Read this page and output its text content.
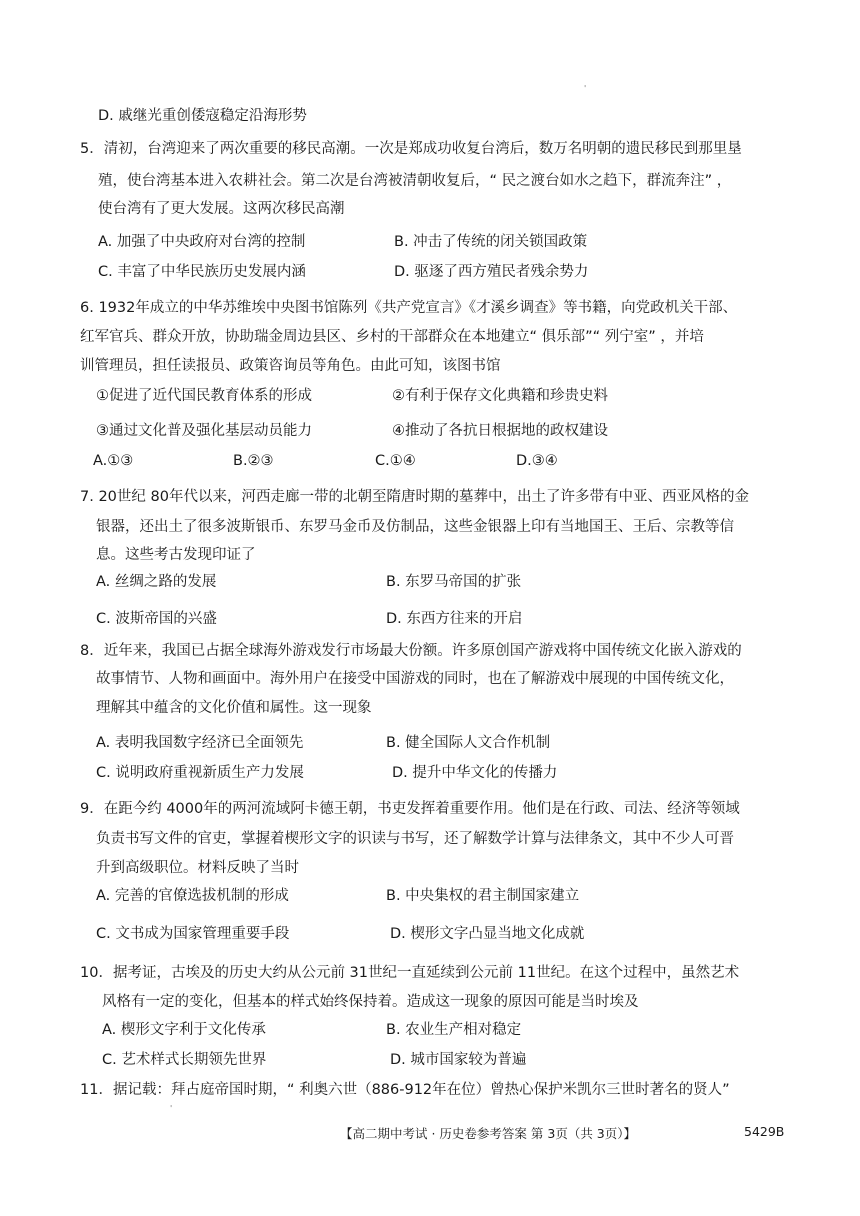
'
D. 戚继光重创倭寇稳定沿海形势
5．清初，台湾迎来了两次重要的移民高潮。一次是郑成功收复台湾后，数万名明朝的遗民移民到那里垦
殖，使台湾基本进入农耕社会。第二次是台湾被清朝收复后，“ 民之渡台如水之趋下，群流奔注” ，
使台湾有了更大发展。这两次移民高潮
A. 加强了中央政府对台湾的控制	B. 冲击了传统的闭关锁国政策
C. 丰富了中华民族历史发展内涵	D. 驱逐了西方殖民者残余势力
6. 1932年成立的中华苏维埃中央图书馆陈列《共产党宣言》《才溪乡调查》等书籍，向党政机关干部、
红军官兵、群众开放，协助瑞金周边县区、乡村的干部群众在本地建立“ 俱乐部”“ 列宁室” ，并培
训管理员，担任读报员、政策咨询员等角色。由此可知，该图书馆
①促进了近代国民教育体系的形成	②有利于保存文化典籍和珍贵史料
③通过文化普及强化基层动员能力	④推动了各抗日根据地的政权建设
A.①③	B.②③	C.①④	D.③④
7. 20世纪 80年代以来，河西走廊一带的北朝至隋唐时期的墓葬中，出土了许多带有中亚、西亚风格的金
银器，还出土了很多波斯银币、东罗马金币及仿制品，这些金银器上印有当地国王、王后、宗教等信
息。这些考古发现印证了
A. 丝绸之路的发展	B. 东罗马帝国的扩张
C. 波斯帝国的兴盛	D. 东西方往来的开启
8．近年来，我国已占据全球海外游戏发行市场最大份额。许多原创国产游戏将中国传统文化嵌入游戏的
故事情节、人物和画面中。海外用户在接受中国游戏的同时，也在了解游戏中展现的中国传统文化，
理解其中蕴含的文化价值和属性。这一现象
A. 表明我国数字经济已全面领先	B. 健全国际人文合作机制
C. 说明政府重视新质生产力发展	D. 提升中华文化的传播力
9．在距今约 4000年的两河流域阿卡德王朝，书吏发挥着重要作用。他们是在行政、司法、经济等领域
负责书写文件的官吏，掌握着楔形文字的识读与书写，还了解数学计算与法律条文，其中不少人可晋
升到高级职位。材料反映了当时
A. 完善的官僚选拔机制的形成	B. 中央集权的君主制国家建立
C. 文书成为国家管理重要手段	D. 楔形文字凸显当地文化成就
10．据考证，古埃及的历史大约从公元前 31世纪一直延续到公元前 11世纪。在这个过程中，虽然艺术
风格有一定的变化，但基本的样式始终保持着。造成这一现象的原因可能是当时埃及
A. 楔形文字利于文化传承	B. 农业生产相对稳定
C. 艺术样式长期领先世界	D. 城市国家较为普遍
11．据记载：拜占庭帝国时期，“ 利奥六世（886-912年在位）曾热心保护米凯尔三世时著名的贤人”
'
【高二期中考试 · 历史卷参考答案 第 3页（共 3页）】	5429B
